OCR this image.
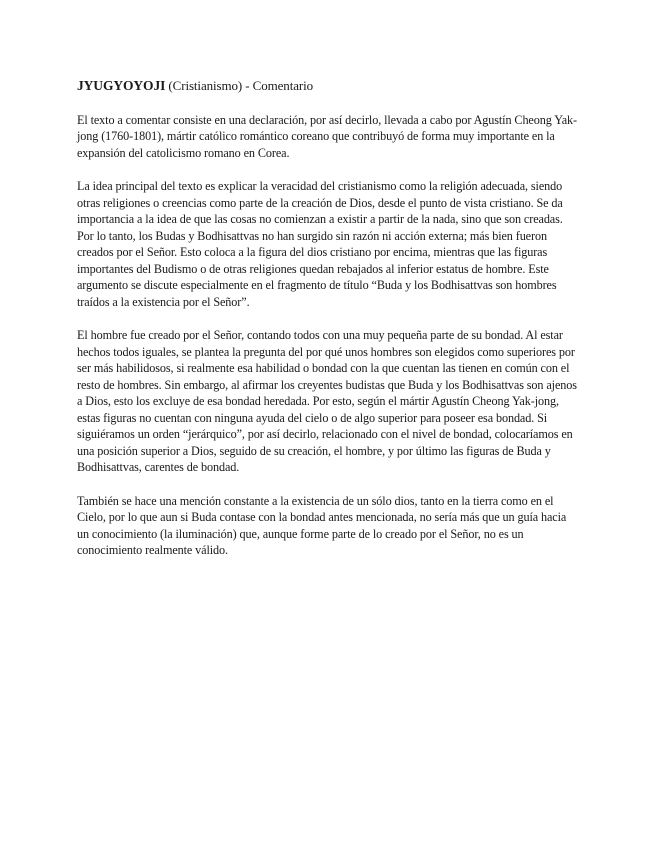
JYUGYOYOJI (Cristianismo) - Comentario

El texto a comentar consiste en una declaración, por así decirlo, llevada a cabo por Agustín Cheong Yak-jong (1760-1801), mártir católico romántico coreano que contribuyó de forma muy importante en la expansión del catolicismo romano en Corea.

La idea principal del texto es explicar la veracidad del cristianismo como la religión adecuada, siendo otras religiones o creencias como parte de la creación de Dios, desde el punto de vista cristiano. Se da importancia a la idea de que las cosas no comienzan a existir a partir de la nada, sino que son creadas. Por lo tanto, los Budas y Bodhisattvas no han surgido sin razón ni acción externa; más bien fueron creados por el Señor. Esto coloca a la figura del dios cristiano por encima, mientras que las figuras importantes del Budismo o de otras religiones quedan rebajados al inferior estatus de hombre. Este argumento se discute especialmente en el fragmento de título “Buda y los Bodhisattvas son hombres traídos a la existencia por el Señor”.

El hombre fue creado por el Señor, contando todos con una muy pequeña parte de su bondad. Al estar hechos todos iguales, se plantea la pregunta del por qué unos hombres son elegidos como superiores por ser más habilidosos, si realmente esa habilidad o bondad con la que cuentan las tienen en común con el resto de hombres. Sin embargo, al afirmar los creyentes budistas que Buda y los Bodhisattvas son ajenos a Dios, esto los excluye de esa bondad heredada. Por esto, según el mártir Agustín Cheong Yak-jong, estas figuras no cuentan con ninguna ayuda del cielo o de algo superior para poseer esa bondad. Si siguiéramos un orden “jerárquico”, por así decirlo, relacionado con el nivel de bondad, colocaríamos en una posición superior a Dios, seguido de su creación, el hombre, y por último las figuras de Buda y Bodhisattvas, carentes de bondad.

También se hace una mención constante a la existencia de un sólo dios, tanto en la tierra como en el Cielo, por lo que aun si Buda contase con la bondad antes mencionada, no sería más que un guía hacia un conocimiento (la iluminación) que, aunque forme parte de lo creado por el Señor, no es un conocimiento realmente válido.
